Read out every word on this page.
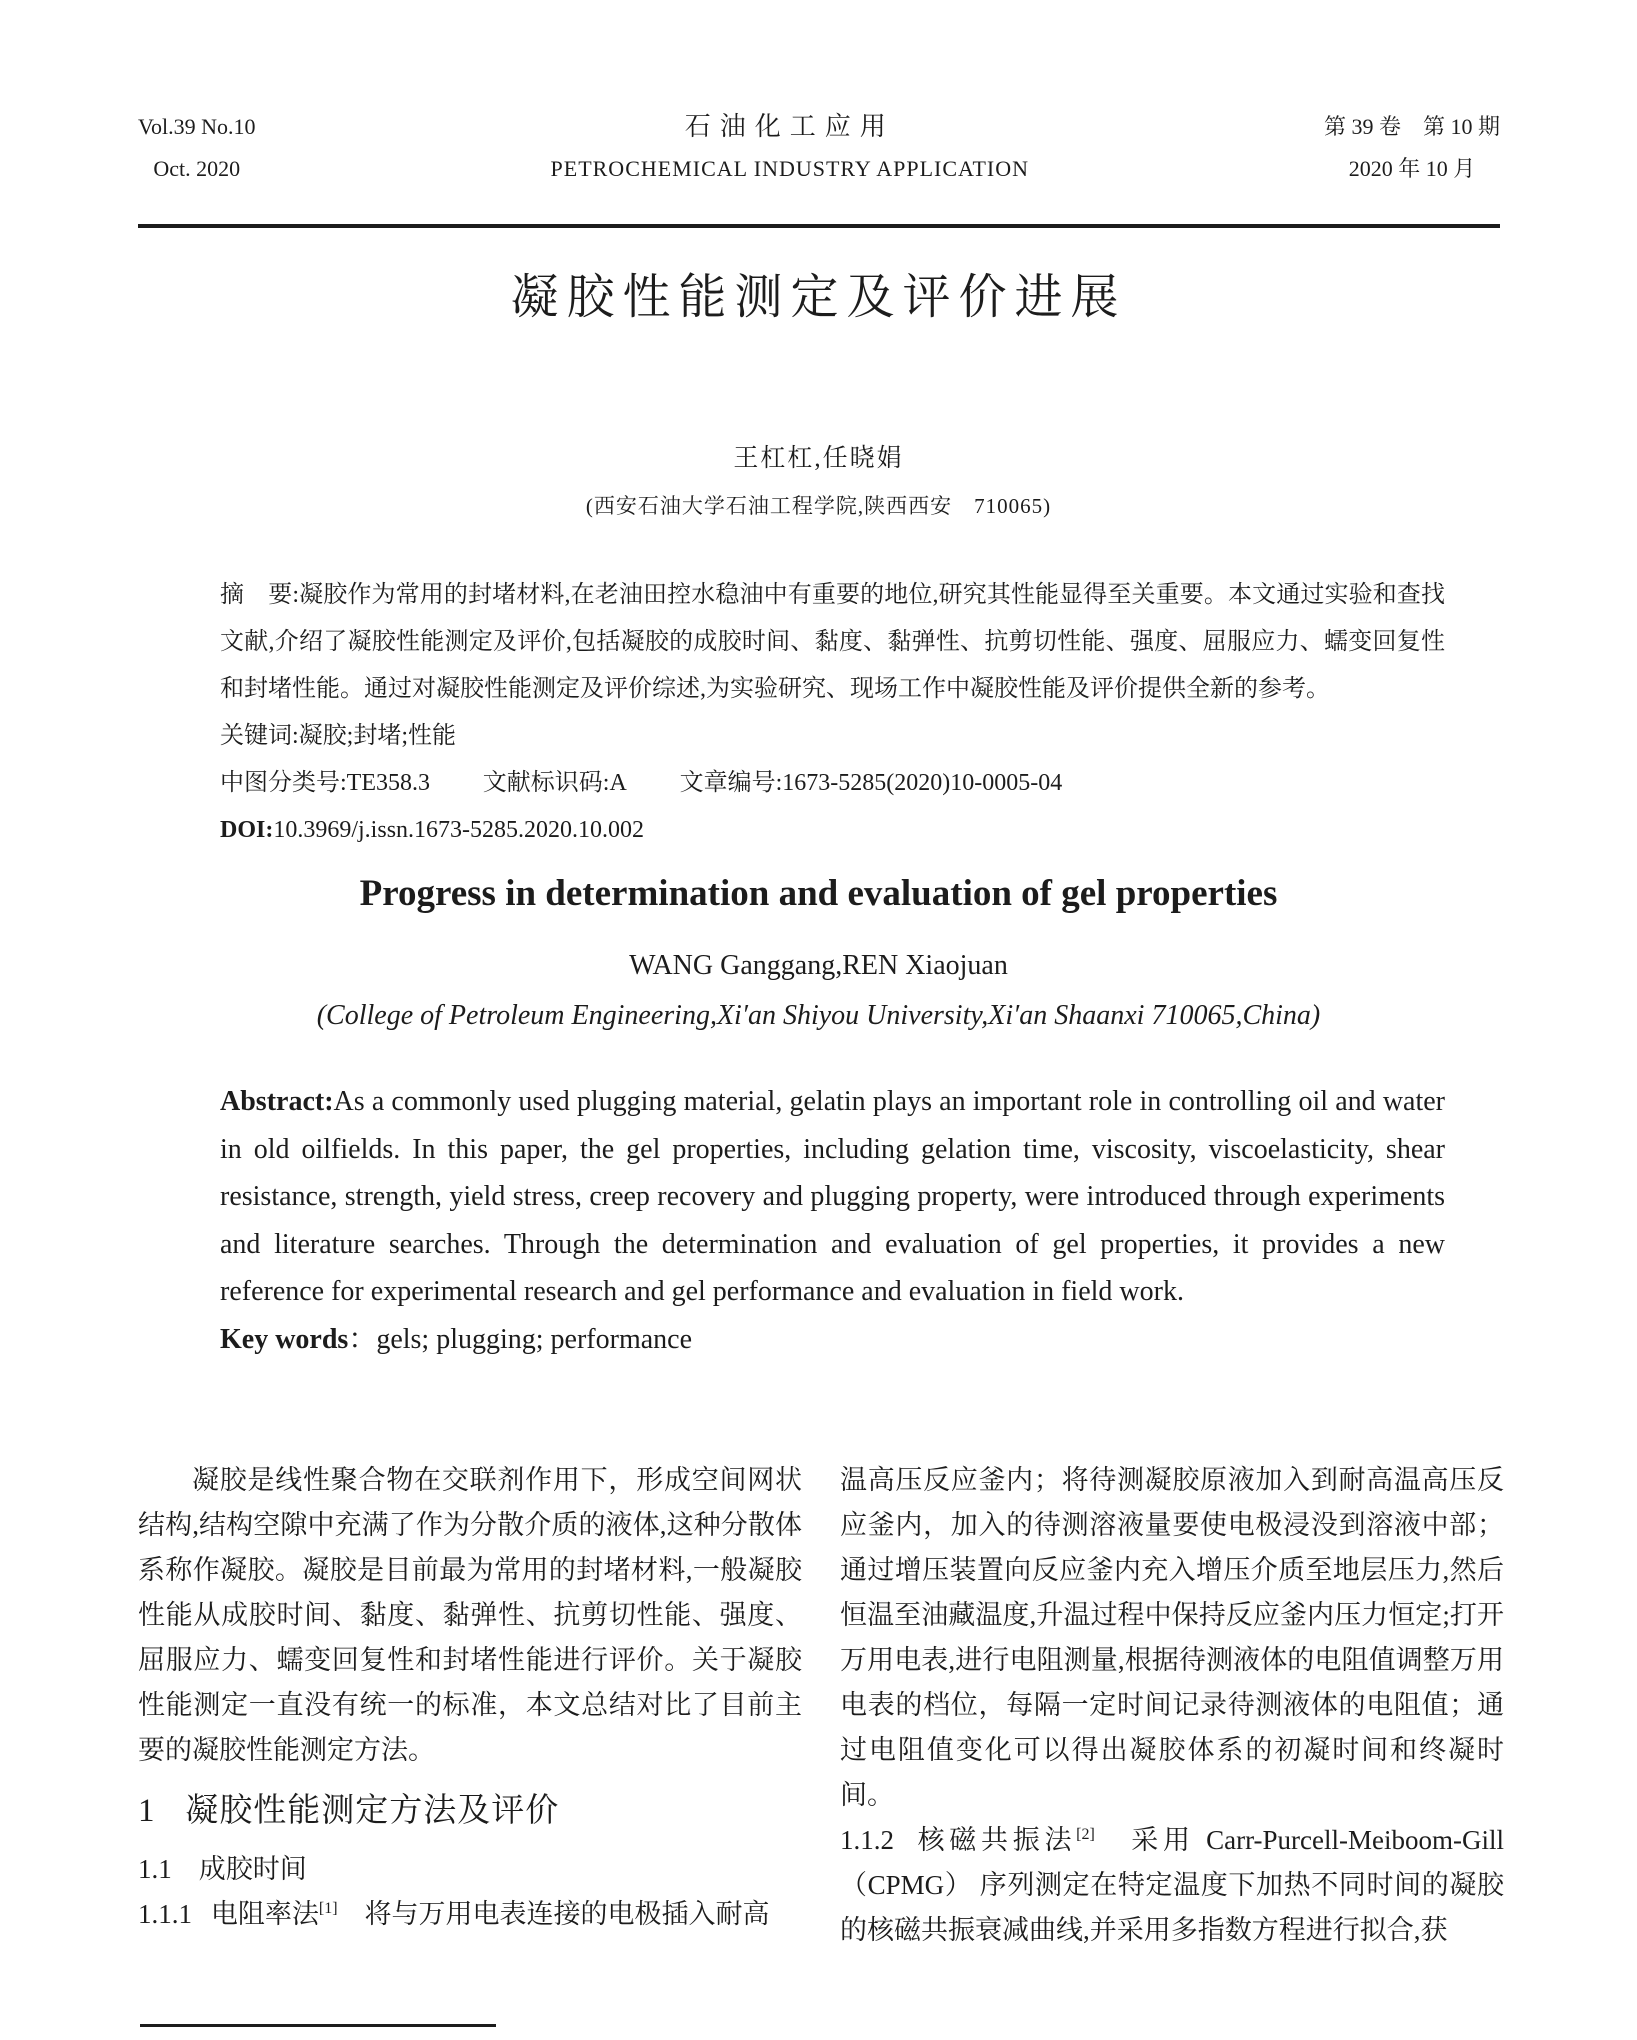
Vol.39 No.10
Oct. 2020
石油化工应用
PETROCHEMICAL INDUSTRY APPLICATION
第 39 卷　第 10 期
2020 年 10 月
凝胶性能测定及评价进展
王杠杠,任晓娟
(西安石油大学石油工程学院,陕西西安　710065)

摘　要:凝胶作为常用的封堵材料,在老油田控水稳油中有重要的地位,研究其性能显得至关重要。本文通过实验和查找文献,介绍了凝胶性能测定及评价,包括凝胶的成胶时间、黏度、黏弹性、抗剪切性能、强度、屈服应力、蠕变回复性和封堵性能。通过对凝胶性能测定及评价综述,为实验研究、现场工作中凝胶性能及评价提供全新的参考。

关键词:凝胶;封堵;性能

中图分类号:TE358.3 文献标识码:A 文章编号:1673-5285(2020)10-0005-04

DOI:10.3969/j.issn.1673-5285.2020.10.002

Progress in determination and evaluation of gel properties
WANG Ganggang,REN Xiaojuan
(College of Petroleum Engineering,Xi′an Shiyou University,Xi′an Shaanxi 710065,China)

Abstract:As a commonly used plugging material, gelatin plays an important role in controlling oil and water in old oilfields. In this paper, the gel properties, including gelation time, viscosity, viscoelasticity, shear resistance, strength, yield stress, creep recovery and plugging property, were introduced through experiments and literature searches. Through the determination and evaluation of gel properties, it provides a new reference for experimental research and gel performance and evaluation in field work.

Key words：gels; plugging; performance

凝胶是线性聚合物在交联剂作用下，形成空间网状结构,结构空隙中充满了作为分散介质的液体,这种分散体系称作凝胶。凝胶是目前最为常用的封堵材料,一般凝胶性能从成胶时间、黏度、黏弹性、抗剪切性能、强度、屈服应力、蠕变回复性和封堵性能进行评价。关于凝胶性能测定一直没有统一的标准，本文总结对比了目前主要的凝胶性能测定方法。

1 凝胶性能测定方法及评价

1.1　成胶时间

1.1.1 电阻率法[1]　将与万用电表连接的电极插入耐高

温高压反应釜内；将待测凝胶原液加入到耐高温高压反应釜内，加入的待测溶液量要使电极浸没到溶液中部；通过增压装置向反应釜内充入增压介质至地层压力,然后恒温至油藏温度,升温过程中保持反应釜内压力恒定;打开万用电表,进行电阻测量,根据待测液体的电阻值调整万用电表的档位，每隔一定时间记录待测液体的电阻值；通过电阻值变化可以得出凝胶体系的初凝时间和终凝时间。

1.1.2 核磁共振法[2]　采用 Carr-Purcell-Meiboom-Gill（CPMG） 序列测定在特定温度下加热不同时间的凝胶的核磁共振衰减曲线,并采用多指数方程进行拟合,获
